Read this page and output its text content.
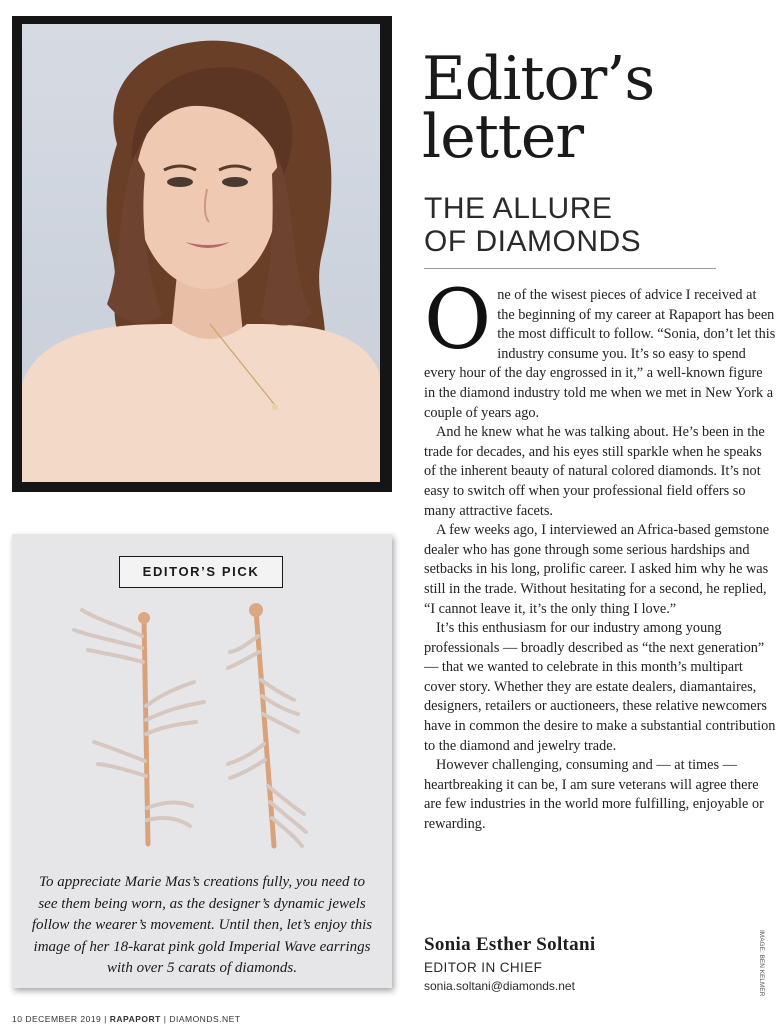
Editor’s
letter
THE ALLURE
OF DIAMONDS

One of the wisest pieces of advice I received at the beginning of my career at Rapaport has been the most difficult to follow. “Sonia, don’t let this industry consume you. It’s so easy to spend every hour of the day engrossed in it,” a well-known figure in the diamond industry told me when we met in New York a couple of years ago.

And he knew what he was talking about. He’s been in the trade for decades, and his eyes still sparkle when he speaks of the inherent beauty of natural colored diamonds. It’s not easy to switch off when your professional field offers so many attractive facets.

A few weeks ago, I interviewed an Africa-based gemstone dealer who has gone through some serious hardships and setbacks in his long, prolific career. I asked him why he was still in the trade. Without hesitating for a second, he replied, “I cannot leave it, it’s the only thing I love.”

It’s this enthusiasm for our industry among young professionals — broadly described as “the next generation” — that we wanted to celebrate in this month’s multipart cover story. Whether they are estate dealers, diamantaires, designers, retailers or auctioneers, these relative newcomers have in common the desire to make a substantial contribution to the diamond and jewelry trade.

However challenging, consuming and — at times — heartbreaking it can be, I am sure veterans will agree there are few industries in the world more fulfilling, enjoyable or rewarding.

Sonia Esther Soltani
EDITOR IN CHIEF
sonia.soltani@diamonds.net	IMAGE: BEN KELMER
EDITOR’S PICK
To appreciate Marie Mas’s creations fully, you need to see them being worn, as the designer’s dynamic jewels follow the wearer’s movement. Until then, let’s enjoy this image of her 18-karat pink gold Imperial Wave earrings with over 5 carats of diamonds.
10 DECEMBER 2019 | RAPAPORT | DIAMONDS.NET
